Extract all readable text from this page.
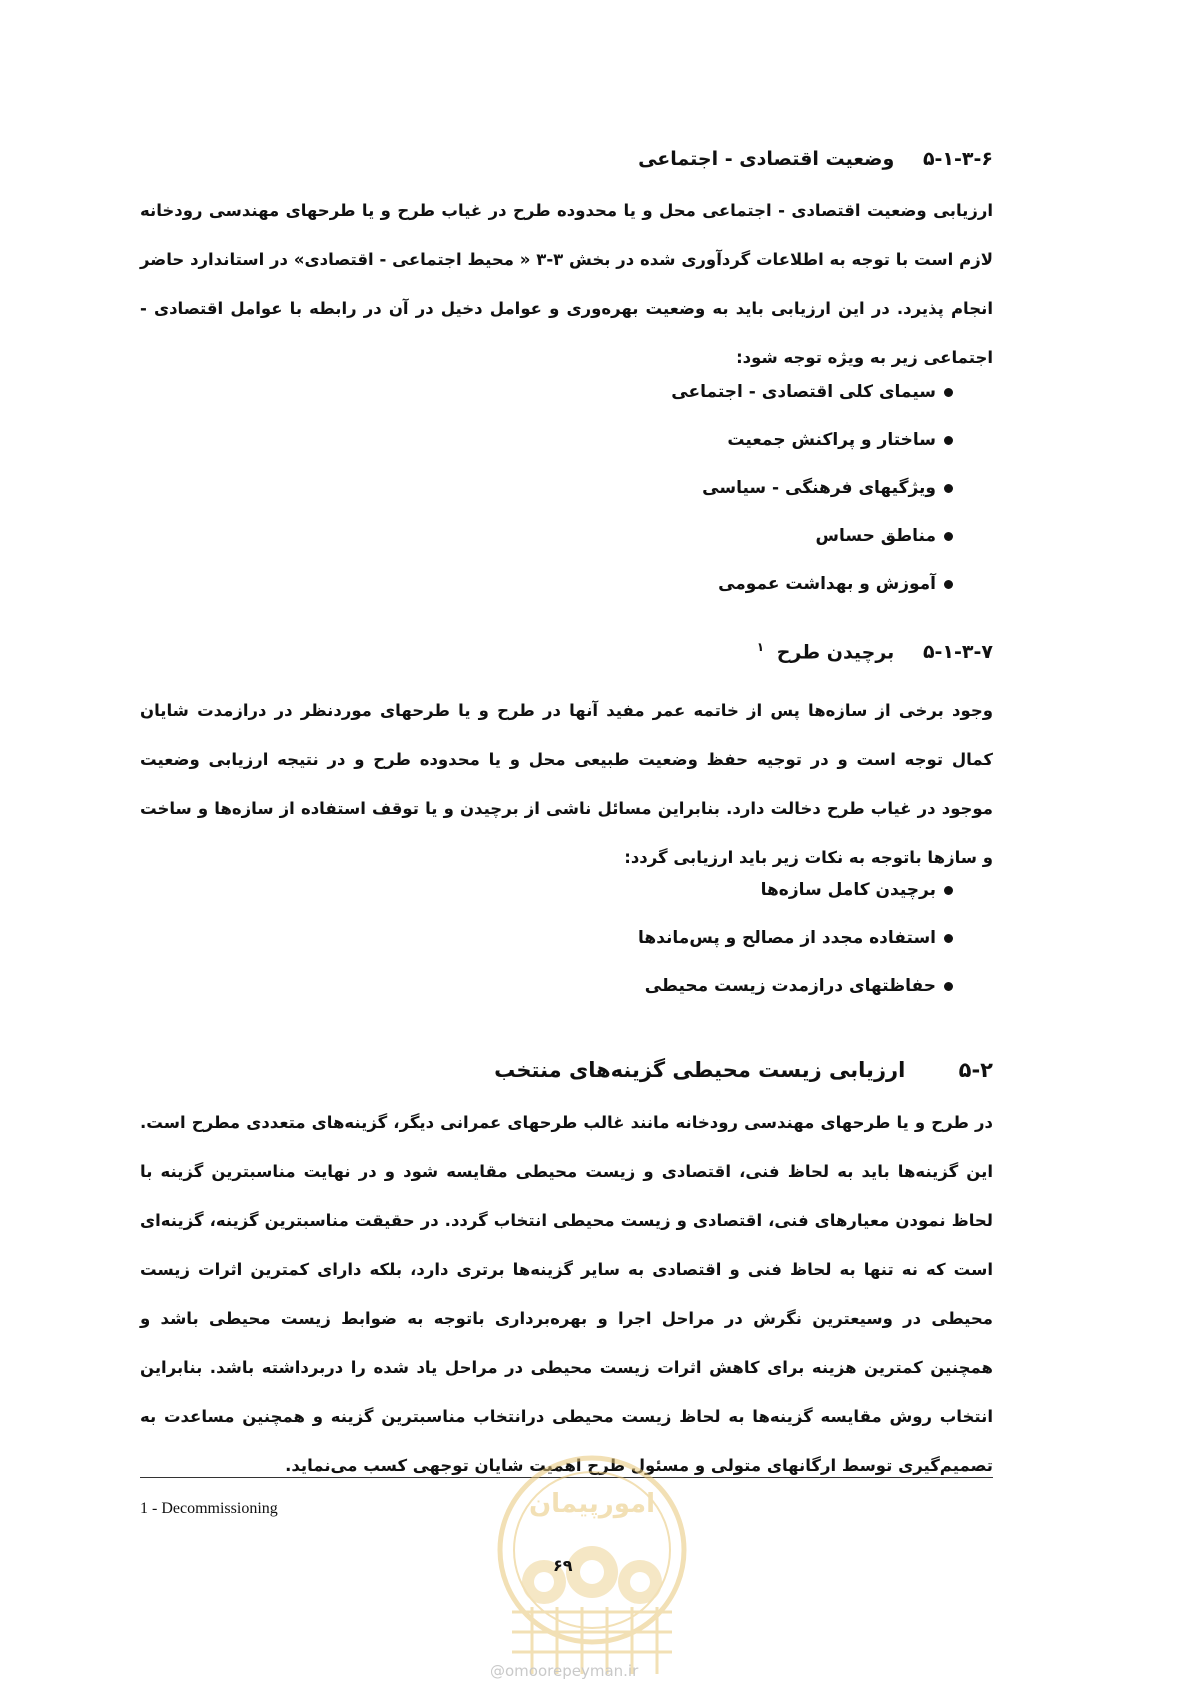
۵-۱-۳-۶ وضعیت اقتصادی - اجتماعی
ارزیابی وضعیت اقتصادی - اجتماعی محل و یا محدوده طرح در غیاب طرح و یا طرحهای مهندسی رودخانه لازم است با توجه به اطلاعات گردآوری شده در بخش ۳-۳ « محیط اجتماعی - اقتصادی» در استاندارد حاضر انجام پذیرد. در این ارزیابی باید به وضعیت بهره‌وری و عوامل دخیل در آن در رابطه با عوامل اقتصادی - اجتماعی زیر به ویژه توجه شود:
سیمای کلی اقتصادی - اجتماعی
ساختار و پراکنش جمعیت
ویژگیهای فرهنگی - سیاسی
مناطق حساس
آموزش و بهداشت عمومی
۵-۱-۳-۷ برچیدن طرح $^۱$
وجود برخی از سازه‌ها پس از خاتمه عمر مفید آنها در طرح و یا طرحهای موردنظر در درازمدت شایان کمال توجه است و در توجیه حفظ وضعیت طبیعی محل و یا محدوده طرح و در نتیجه ارزیابی وضعیت موجود در غیاب طرح دخالت دارد. بنابراین مسائل ناشی از برچیدن و یا توقف استفاده از سازه‌ها و ساخت و سازها باتوجه به نکات زیر باید ارزیابی گردد:
برچیدن کامل سازه‌ها
استفاده مجدد از مصالح و پس‌ماندها
حفاظتهای درازمدت زیست محیطی
۵-۲ ارزیابی زیست محیطی گزینه‌های منتخب
در طرح و یا طرحهای مهندسی رودخانه مانند غالب طرحهای عمرانی دیگر، گزینه‌های متعددی مطرح است. این گزینه‌ها باید به لحاظ فنی، اقتصادی و زیست محیطی مقایسه شود و در نهایت مناسبترین گزینه با لحاظ نمودن معیارهای فنی، اقتصادی و زیست محیطی انتخاب گردد. در حقیقت مناسبترین گزینه، گزینه‌ای است که نه تنها به لحاظ فنی و اقتصادی به سایر گزینه‌ها برتری دارد، بلکه دارای کمترین اثرات زیست محیطی در وسیعترین نگرش در مراحل اجرا و بهره‌برداری باتوجه به ضوابط زیست محیطی باشد و همچنین کمترین هزینه برای کاهش اثرات زیست محیطی در مراحل یاد شده را دربرداشته باشد. بنابراین انتخاب روش مقایسه گزینه‌ها به لحاظ زیست محیطی درانتخاب مناسبترین گزینه و همچنین مساعدت به تصمیم‌گیری توسط ارگانهای متولی و مسئول طرح اهمیت شایان توجهی کسب می‌نماید.
1 - Decommissioning	امورپیمان
۶۹
@omoorepeyman.ir
